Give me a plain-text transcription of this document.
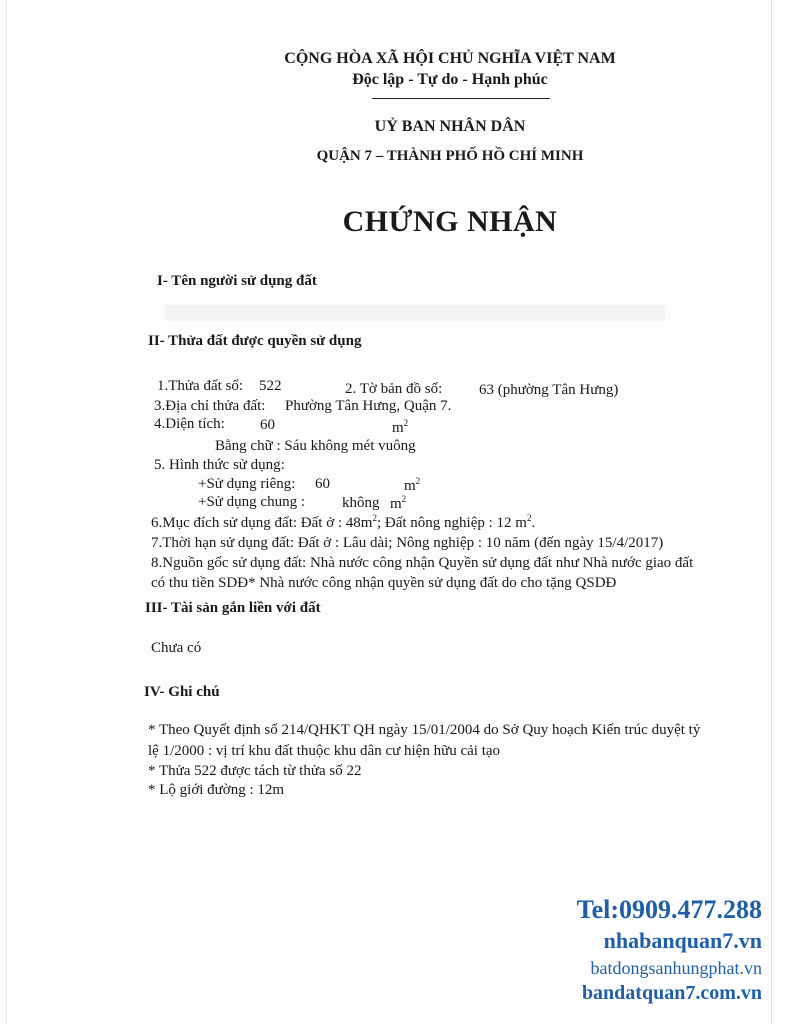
CỘNG HÒA XÃ HỘI CHỦ NGHĨA VIỆT NAM
Độc lập - Tự do - Hạnh phúc
UỶ BAN NHÂN DÂN
QUẬN 7 – THÀNH PHỐ HỒ CHÍ MINH
CHỨNG NHẬN
I- Tên người sử dụng đất
II- Thửa đất được quyền sử dụng
1.Thửa đất số: 522	2. Tờ bản đồ số: 63 (phường Tân Hưng)
3.Địa chỉ thửa đất: Phường Tân Hưng, Quận 7.
4.Diện tích: 60	$m^2$
Bằng chữ : Sáu không mét vuông
5. Hình thức sử dụng:
+Sử dụng riêng: 60	$m^2$
+Sử dụng chung : không $m^2$
6.Mục đích sử dụng đất: Đất ở : $48m^2$; Đất nông nghiệp : 12 $m^2$.
7.Thời hạn sử dụng đất: Đất ở : Lâu dài; Nông nghiệp : 10 năm (đến ngày 15/4/2017)
8.Nguồn gốc sử dụng đất: Nhà nước công nhận Quyền sử dụng đất như Nhà nước giao đất
có thu tiền SDĐ* Nhà nước công nhận quyền sử dụng đất do cho tặng QSDĐ
III- Tài sản gắn liền với đất
Chưa có
IV- Ghi chú
* Theo Quyết định số 214/QHKT QH ngày 15/01/2004 do Sở Quy hoạch Kiến trúc duyệt tỷ
lệ 1/2000 : vị trí khu đất thuộc khu dân cư hiện hữu cải tạo
* Thửa 522 được tách từ thửa số 22
* Lộ giới đường : 12m
Tel:0909.477.288
nhabanquan7.vn
batdongsanhungphat.vn
bandatquan7.com.vn
